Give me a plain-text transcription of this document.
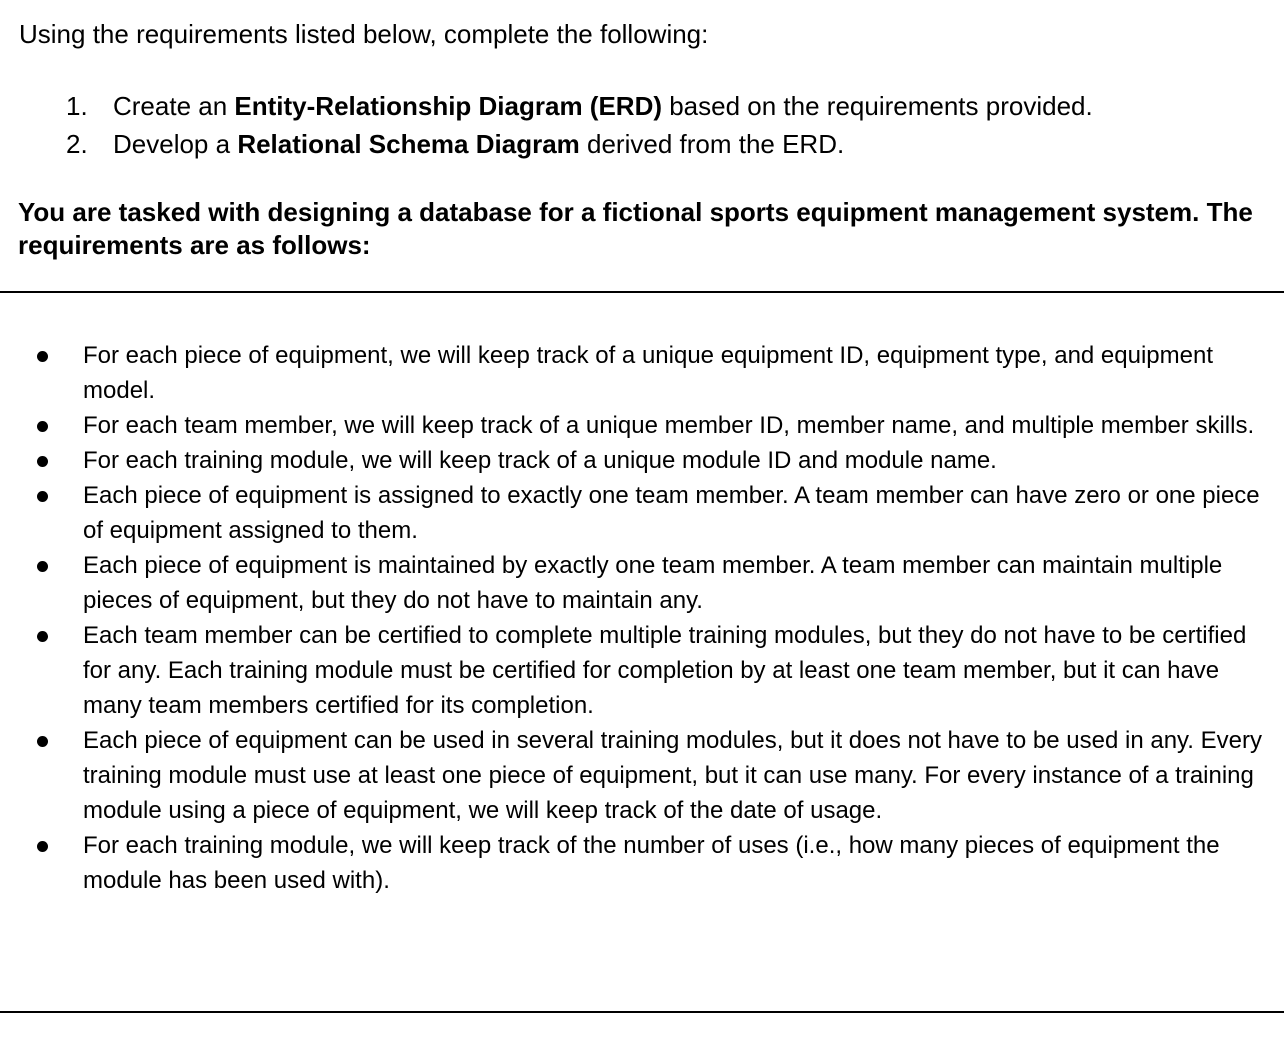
Using the requirements listed below, complete the following:
1. Create an Entity-Relationship Diagram (ERD) based on the requirements provided.
2. Develop a Relational Schema Diagram derived from the ERD.
You are tasked with designing a database for a fictional sports equipment management system. The requirements are as follows:
For each piece of equipment, we will keep track of a unique equipment ID, equipment type, and equipment model.
For each team member, we will keep track of a unique member ID, member name, and multiple member skills.
For each training module, we will keep track of a unique module ID and module name.
Each piece of equipment is assigned to exactly one team member. A team member can have zero or one piece of equipment assigned to them.
Each piece of equipment is maintained by exactly one team member. A team member can maintain multiple pieces of equipment, but they do not have to maintain any.
Each team member can be certified to complete multiple training modules, but they do not have to be certified for any. Each training module must be certified for completion by at least one team member, but it can have many team members certified for its completion.
Each piece of equipment can be used in several training modules, but it does not have to be used in any. Every training module must use at least one piece of equipment, but it can use many. For every instance of a training module using a piece of equipment, we will keep track of the date of usage.
For each training module, we will keep track of the number of uses (i.e., how many pieces of equipment the module has been used with).
